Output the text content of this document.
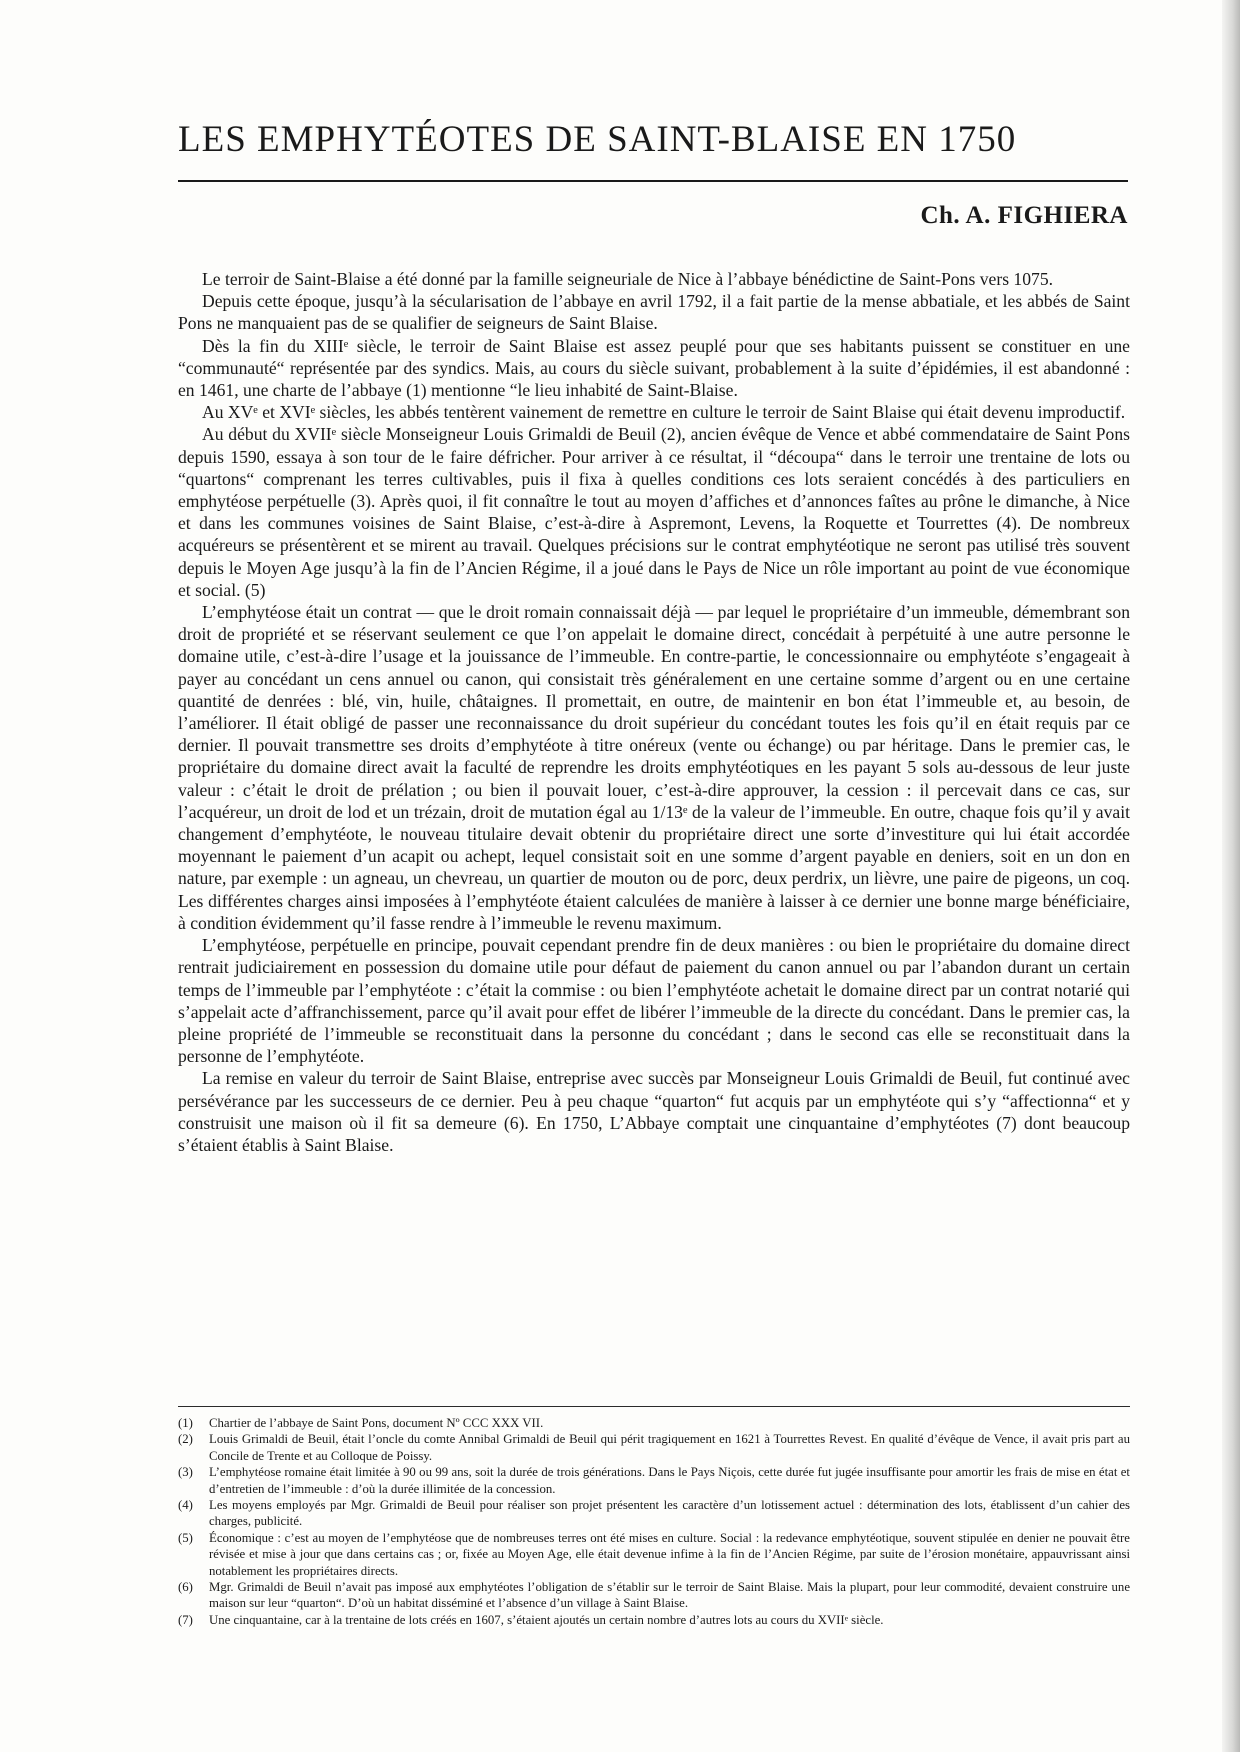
LES EMPHYTÉOTES DE SAINT-BLAISE EN 1750
Ch. A. FIGHIERA

Le terroir de Saint-Blaise a été donné par la famille seigneuriale de Nice à l’abbaye bénédictine de Saint-Pons vers 1075.

Depuis cette époque, jusqu’à la sécularisation de l’abbaye en avril 1792, il a fait partie de la mense abbatiale, et les abbés de Saint Pons ne manquaient pas de se qualifier de seigneurs de Saint Blaise.

Dès la fin du XIIIᵉ siècle, le terroir de Saint Blaise est assez peuplé pour que ses habitants puissent se constituer en une “communauté“ représentée par des syndics. Mais, au cours du siècle suivant, probablement à la suite d’épidémies, il est abandonné : en 1461, une charte de l’abbaye (1) mentionne “le lieu inhabité de Saint-Blaise.

Au XVᵉ et XVIᵉ siècles, les abbés tentèrent vainement de remettre en culture le terroir de Saint Blaise qui était devenu improductif.

Au début du XVIIᵉ siècle Monseigneur Louis Grimaldi de Beuil (2), ancien évêque de Vence et abbé commendataire de Saint Pons depuis 1590, essaya à son tour de le faire défricher. Pour arriver à ce résultat, il “découpa“ dans le terroir une trentaine de lots ou “quartons“ comprenant les terres cultivables, puis il fixa à quelles conditions ces lots seraient concédés à des particuliers en emphytéose perpétuelle (3). Après quoi, il fit connaître le tout au moyen d’affiches et d’annonces faîtes au prône le dimanche, à Nice et dans les communes voisines de Saint Blaise, c’est-à-dire à Aspremont, Levens, la Roquette et Tourrettes (4). De nombreux acquéreurs se présentèrent et se mirent au travail. Quelques précisions sur le contrat emphytéotique ne seront pas utilisé très souvent depuis le Moyen Age jusqu’à la fin de l’Ancien Régime, il a joué dans le Pays de Nice un rôle important au point de vue économique et social. (5)

L’emphytéose était un contrat — que le droit romain connaissait déjà — par lequel le propriétaire d’un immeuble, démembrant son droit de propriété et se réservant seulement ce que l’on appelait le domaine direct, concédait à perpétuité à une autre personne le domaine utile, c’est-à-dire l’usage et la jouissance de l’immeuble. En contre-partie, le concessionnaire ou emphytéote s’engageait à payer au concédant un cens annuel ou canon, qui consistait très généralement en une certaine somme d’argent ou en une certaine quantité de denrées : blé, vin, huile, châtaignes. Il promettait, en outre, de maintenir en bon état l’immeuble et, au besoin, de l’améliorer. Il était obligé de passer une reconnaissance du droit supérieur du concédant toutes les fois qu’il en était requis par ce dernier. Il pouvait transmettre ses droits d’emphytéote à titre onéreux (vente ou échange) ou par héritage. Dans le premier cas, le propriétaire du domaine direct avait la faculté de reprendre les droits emphytéotiques en les payant 5 sols au-dessous de leur juste valeur : c’était le droit de prélation ; ou bien il pouvait louer, c’est-à-dire approuver, la cession : il percevait dans ce cas, sur l’acquéreur, un droit de lod et un trézain, droit de mutation égal au 1/13ᵉ de la valeur de l’immeuble. En outre, chaque fois qu’il y avait changement d’emphytéote, le nouveau titulaire devait obtenir du propriétaire direct une sorte d’investiture qui lui était accordée moyennant le paiement d’un acapit ou achept, lequel consistait soit en une somme d’argent payable en deniers, soit en un don en nature, par exemple : un agneau, un chevreau, un quartier de mouton ou de porc, deux perdrix, un lièvre, une paire de pigeons, un coq. Les différentes charges ainsi imposées à l’emphytéote étaient calculées de manière à laisser à ce dernier une bonne marge bénéficiaire, à condition évidemment qu’il fasse rendre à l’immeuble le revenu maximum.

L’emphytéose, perpétuelle en principe, pouvait cependant prendre fin de deux manières : ou bien le propriétaire du domaine direct rentrait judiciairement en possession du domaine utile pour défaut de paiement du canon annuel ou par l’abandon durant un certain temps de l’immeuble par l’emphytéote : c’était la commise : ou bien l’emphytéote achetait le domaine direct par un contrat notarié qui s’appelait acte d’affranchissement, parce qu’il avait pour effet de libérer l’immeuble de la directe du concédant. Dans le premier cas, la pleine propriété de l’immeuble se reconstituait dans la personne du concédant ; dans le second cas elle se reconstituait dans la personne de l’emphytéote.

La remise en valeur du terroir de Saint Blaise, entreprise avec succès par Monseigneur Louis Grimaldi de Beuil, fut continué avec persévérance par les successeurs de ce dernier. Peu à peu chaque “quarton“ fut acquis par un emphytéote qui s’y “affectionna“ et y construisit une maison où il fit sa demeure (6). En 1750, L’Abbaye comptait une cinquantaine d’emphytéotes (7) dont beaucoup s’étaient établis à Saint Blaise.

(1)	Chartier de l’abbaye de Saint Pons, document Nº CCC XXX VII.
(2)	Louis Grimaldi de Beuil, était l’oncle du comte Annibal Grimaldi de Beuil qui périt tragiquement en 1621 à Tourrettes Revest. En qualité d’évêque de Vence, il avait pris part au Concile de Trente et au Colloque de Poissy.
(3)	L’emphytéose romaine était limitée à 90 ou 99 ans, soit la durée de trois générations. Dans le Pays Niçois, cette durée fut jugée insuffisante pour amortir les frais de mise en état et d’entretien de l’immeuble : d’où la durée illimitée de la concession.
(4)	Les moyens employés par Mgr. Grimaldi de Beuil pour réaliser son projet présentent les caractère d’un lotissement actuel : détermination des lots, établissent d’un cahier des charges, publicité.
(5)	Économique : c’est au moyen de l’emphytéose que de nombreuses terres ont été mises en culture. Social : la redevance emphytéotique, souvent stipulée en denier ne pouvait être révisée et mise à jour que dans certains cas ; or, fixée au Moyen Age, elle était devenue infime à la fin de l’Ancien Régime, par suite de l’érosion monétaire, appauvrissant ainsi notablement les propriétaires directs.
(6)	Mgr. Grimaldi de Beuil n’avait pas imposé aux emphytéotes l’obligation de s’établir sur le terroir de Saint Blaise. Mais la plupart, pour leur commodité, devaient construire une maison sur leur “quarton“. D’où un habitat disséminé et l’absence d’un village à Saint Blaise.
(7)	Une cinquantaine, car à la trentaine de lots créés en 1607, s’étaient ajoutés un certain nombre d’autres lots au cours du XVIIᵉ siècle.
